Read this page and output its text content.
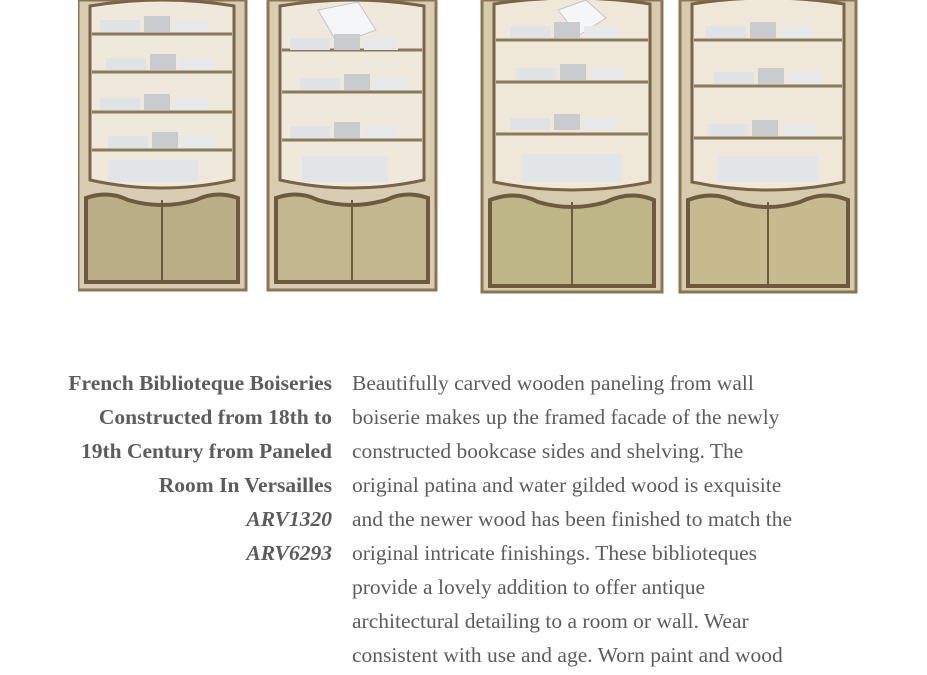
French Biblioteque Boiseries Constructed from 18th to 19th Century from Paneled Room In Versailles
ARV1320
ARV6293
Beautifully carved wooden paneling from wall
boiserie makes up the framed facade of the newly
constructed bookcase sides and shelving. The
original patina and water gilded wood is exquisite
and the newer wood has been finished to match the
original intricate finishings. These biblioteques
provide a lovely addition to offer antique
architectural detailing to a room or wall. Wear
consistent with use and age. Worn paint and wood
